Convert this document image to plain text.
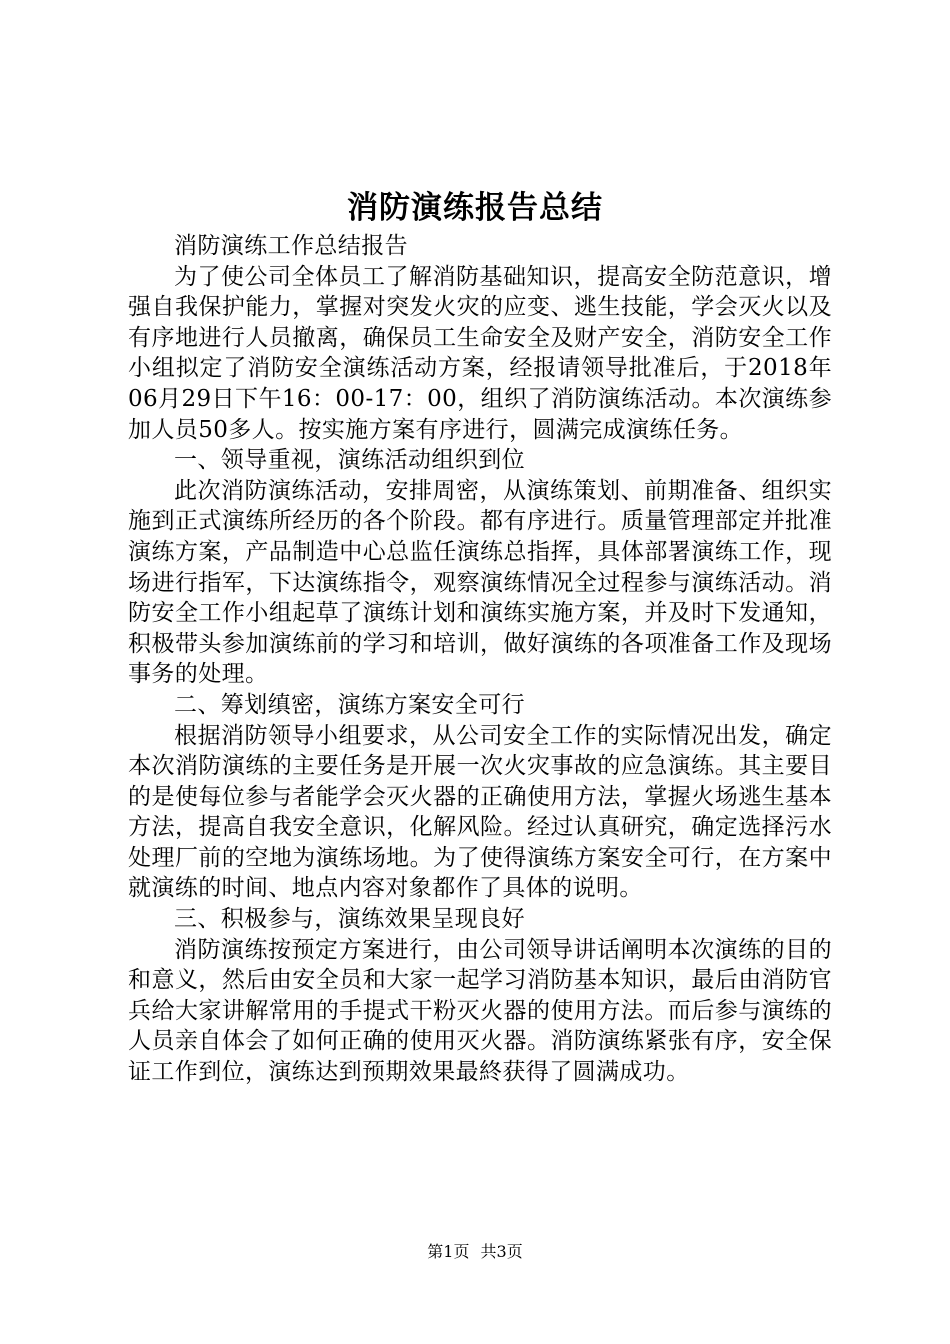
消防演练报告总结

消防演练工作总结报告

为了使公司全体员工了解消防基础知识，提高安全防范意识，增强自我保护能力，掌握对突发火灾的应变、逃生技能，学会灭火以及有序地进行人员撤离，确保员工生命安全及财产安全，消防安全工作小组拟定了消防安全演练活动方案，经报请领导批准后，于2018年06月29日下午16：00-17：00，组织了消防演练活动。本次演练参加人员50多人。按实施方案有序进行，圆满完成演练任务。

一、领导重视，演练活动组织到位

此次消防演练活动，安排周密，从演练策划、前期准备、组织实施到正式演练所经历的各个阶段。都有序进行。质量管理部定并批准演练方案，产品制造中心总监任演练总指挥，具体部署演练工作，现场进行指军，下达演练指令，观察演练情况全过程参与演练活动。消防安全工作小组起草了演练计划和演练实施方案，并及时下发通知，积极带头参加演练前的学习和培训，做好演练的各项准备工作及现场事务的处理。

二、筹划缜密，演练方案安全可行

根据消防领导小组要求，从公司安全工作的实际情况出发，确定本次消防演练的主要任务是开展一次火灾事故的应急演练。其主要目的是使每位参与者能学会灭火器的正确使用方法，掌握火场逃生基本方法，提高自我安全意识，化解风险。经过认真研究，确定选择污水处理厂前的空地为演练场地。为了使得演练方案安全可行，在方案中就演练的时间、地点内容对象都作了具体的说明。

三、积极参与，演练效果呈现良好

消防演练按预定方案进行，由公司领导讲话阐明本次演练的目的和意义，然后由安全员和大家一起学习消防基本知识，最后由消防官兵给大家讲解常用的手提式干粉灭火器的使用方法。而后参与演练的人员亲自体会了如何正确的使用灭火器。消防演练紧张有序，安全保证工作到位，演练达到预期效果最終获得了圆满成功。

第1页 共3页
